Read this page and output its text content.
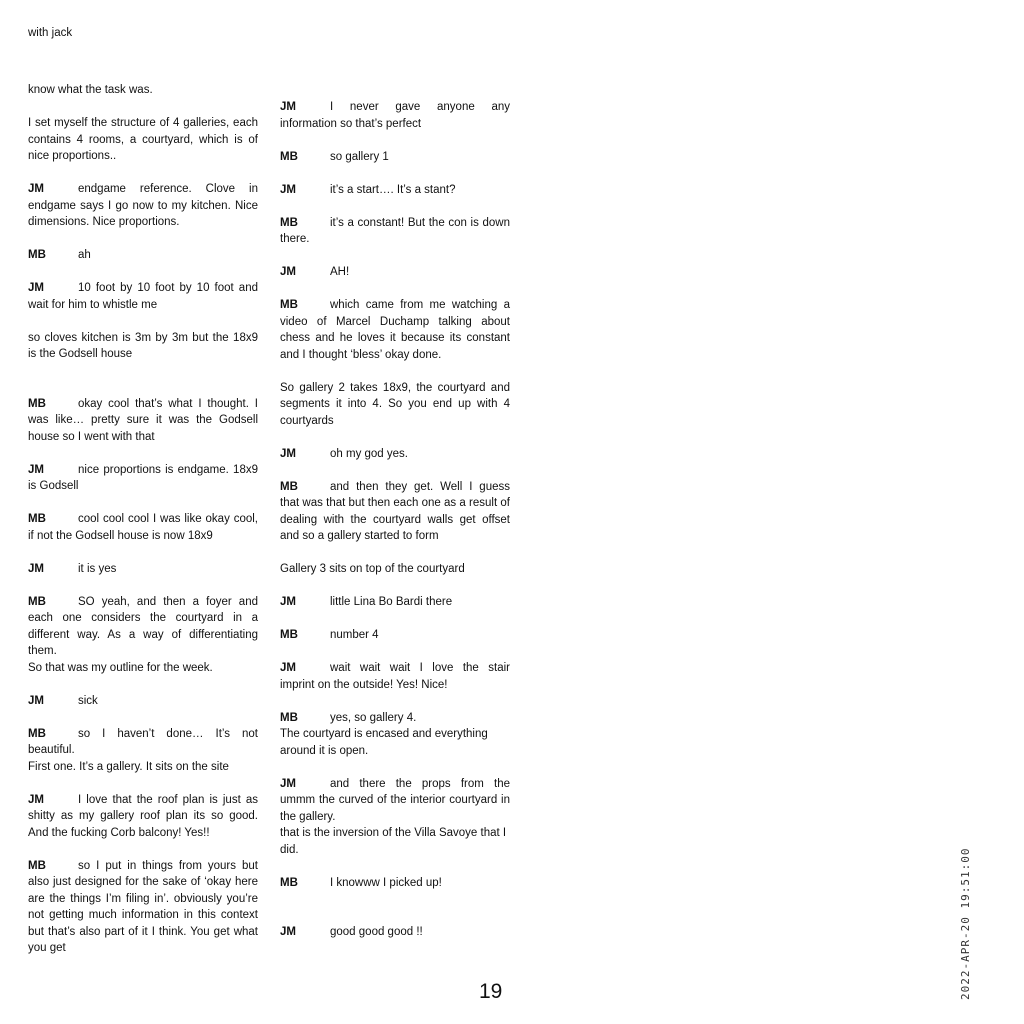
with jack
know what the task was.
I set myself the structure of 4 galleries, each contains 4 rooms, a courtyard, which is of nice proportions..
JM	endgame reference. Clove in endgame says I go now to my kitchen. Nice dimensions. Nice proportions.
MB	ah
JM	10 foot by 10 foot by 10 foot and wait for him to whistle me
so cloves kitchen is 3m by 3m but the 18x9 is the Godsell house
MB	okay cool that’s what I thought. I was like… pretty sure it was the Godsell house so I went with that
JM	nice proportions is endgame. 18x9 is Godsell
MB	cool cool cool I was like okay cool, if not the Godsell house is now 18x9
JM	it is yes
MB	SO yeah, and then a foyer and each one considers the courtyard in a different way. As a way of differentiating them.
So that was my outline for the week.
JM	sick
MB	so I haven’t done… It’s not beautiful.
First one. It’s a gallery. It sits on the site
JM	I love that the roof plan is just as shitty as my gallery roof plan its so good. And the fucking Corb balcony! Yes!!
MB	so I put in things from yours but also just designed for the sake of ‘okay here are the things I’m filing in’. obviously you’re not getting much information in this context but that’s also part of it I think. You get what you get
JM	I never gave anyone any information so that’s perfect
MB	so gallery 1
JM	it’s a start…. It’s a stant?
MB	it’s a constant! But the con is down there.
JM	AH!
MB	which came from me watching a video of Marcel Duchamp talking about chess and he loves it because its constant and I thought ‘bless’ okay done.
So gallery 2 takes 18x9, the courtyard and segments it into 4. So you end up with 4 courtyards
JM	oh my god yes.
MB	and then they get. Well I guess that was that but then each one as a result of dealing with the courtyard walls get offset and so a gallery started to form
Gallery 3 sits on top of the courtyard
JM	little Lina Bo Bardi there
MB	number 4
JM	wait wait wait I love the stair imprint on the outside! Yes! Nice!
MB	yes, so gallery 4.
The courtyard is encased and everything around it is open.
JM	and there the props from the ummm the curved of the interior courtyard in the gallery.
that is the inversion of the Villa Savoye that I did.
MB	I knowww I picked up!
JM	good good good !!
19	2022-APR-20 19:51:00
